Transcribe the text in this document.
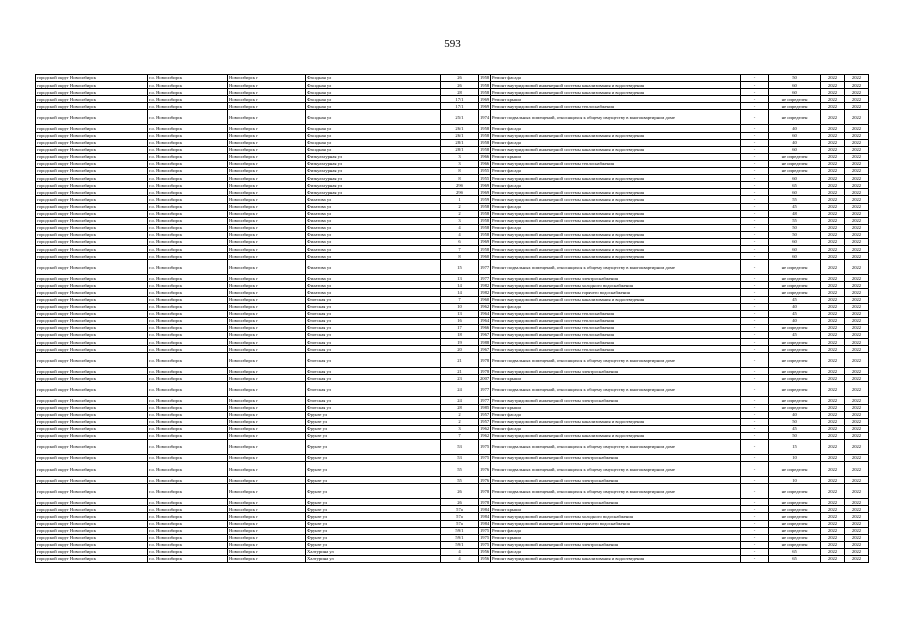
593
городской округ Новосибирск	г.о. Новосибирск	Новосибирск г	Фасадная ул	26	1958	Ремонт фасада	-	50	2022	2022
городской округ Новосибирск	г.о. Новосибирск	Новосибирск г	Фасадная ул	26	1958	Ремонт внутридомовой инженерной системы канализования и водоотведения	-	60	2022	2022
городской округ Новосибирск	г.о. Новосибирск	Новосибирск г	Фасадная ул	28	1958	Ремонт внутридомовой инженерной системы канализования и водоотведения	-	60	2022	2022
городской округ Новосибирск	г.о. Новосибирск	Новосибирск г	Фасадная ул	17/1	1969	Ремонт крыши	-	не определен	2022	2022
городской округ Новосибирск	г.о. Новосибирск	Новосибирск г	Фасадная ул	17/1	1969	Ремонт внутридомовой инженерной системы теплоснабжения	-	не определен	2022	2022
городской округ Новосибирск	г.о. Новосибирск	Новосибирск г	Фасадная ул	25/1	1974	Ремонт подвальных помещений, относящихся к общему имуществу в многоквартирном доме	-	не определен	2022	2022
городской округ Новосибирск	г.о. Новосибирск	Новосибирск г	Фасадная ул	26/1	1958	Ремонт фасада	-	40	2022	2022
городской округ Новосибирск	г.о. Новосибирск	Новосибирск г	Фасадная ул	26/1	1958	Ремонт внутридомовой инженерной системы канализования и водоотведения	-	60	2022	2022
городской округ Новосибирск	г.о. Новосибирск	Новосибирск г	Фасадная ул	28/1	1958	Ремонт фасада	-	40	2022	2022
городской округ Новосибирск	г.о. Новосибирск	Новосибирск г	Фасадная ул	28/1	1958	Ремонт внутридомовой инженерной системы канализования и водоотведения	-	60	2022	2022
городской округ Новосибирск	г.о. Новосибирск	Новосибирск г	Физкультурная ул	3	1966	Ремонт крыши	-	не определен	2022	2022
городской округ Новосибирск	г.о. Новосибирск	Новосибирск г	Физкультурная ул	3	1966	Ремонт внутридомовой инженерной системы теплоснабжения	-	не определен	2022	2022
городской округ Новосибирск	г.о. Новосибирск	Новосибирск г	Физкультурная ул	8	1955	Ремонт фасада	-	не определен	2022	2022
городской округ Новосибирск	г.о. Новосибирск	Новосибирск г	Физкультурная ул	8	1955	Ремонт внутридомовой инженерной системы канализования и водоотведения	-	60	2022	2022
городской округ Новосибирск	г.о. Новосибирск	Новосибирск г	Физкультурная ул	29б	1969	Ремонт фасада	-	65	2022	2022
городской округ Новосибирск	г.о. Новосибирск	Новосибирск г	Физкультурная ул	29б	1969	Ремонт внутридомовой инженерной системы канализования и водоотведения	-	60	2022	2022
городской округ Новосибирск	г.о. Новосибирск	Новосибирск г	Филатова ул	1	1959	Ремонт внутридомовой инженерной системы канализования и водоотведения	-	55	2022	2022
городской округ Новосибирск	г.о. Новосибирск	Новосибирск г	Филатова ул	2	1958	Ремонт фасада	-	45	2022	2022
городской округ Новосибирск	г.о. Новосибирск	Новосибирск г	Филатова ул	2	1958	Ремонт внутридомовой инженерной системы канализования и водоотведения	-	48	2022	2022
городской округ Новосибирск	г.о. Новосибирск	Новосибирск г	Филатова ул	3	1958	Ремонт внутридомовой инженерной системы канализования и водоотведения	-	55	2022	2022
городской округ Новосибирск	г.о. Новосибирск	Новосибирск г	Филатова ул	4	1958	Ремонт фасада	-	50	2022	2022
городской округ Новосибирск	г.о. Новосибирск	Новосибирск г	Филатова ул	4	1958	Ремонт внутридомовой инженерной системы канализования и водоотведения	-	50	2022	2022
городской округ Новосибирск	г.о. Новосибирск	Новосибирск г	Филатова ул	6	1969	Ремонт внутридомовой инженерной системы канализования и водоотведения	-	60	2022	2022
городской округ Новосибирск	г.о. Новосибирск	Новосибирск г	Филатова ул	7	1958	Ремонт внутридомовой инженерной системы канализования и водоотведения	-	60	2022	2022
городской округ Новосибирск	г.о. Новосибирск	Новосибирск г	Филатова ул	8	1960	Ремонт внутридомовой инженерной системы канализования и водоотведения	-	60	2022	2022
городской округ Новосибирск	г.о. Новосибирск	Новосибирск г	Филатова ул	15	1977	Ремонт подвальных помещений, относящихся к общему имуществу в многоквартирном доме	-	не определен	2022	2022
городской округ Новосибирск	г.о. Новосибирск	Новосибирск г	Филатова ул	13	1977	Ремонт внутридомовой инженерной системы электроснабжения	-	не определен	2022	2022
городской округ Новосибирск	г.о. Новосибирск	Новосибирск г	Филатова ул	14	1982	Ремонт внутридомовой инженерной системы холодного водоснабжения	-	не определен	2022	2022
городской округ Новосибирск	г.о. Новосибирск	Новосибирск г	Филатова ул	14	1982	Ремонт внутридомовой инженерной системы горячего водоснабжения	-	не определен	2022	2022
городской округ Новосибирск	г.о. Новосибирск	Новосибирск г	Флотская ул	7	1960	Ремонт внутридомовой инженерной системы канализования и водоотведения	-	45	2022	2022
городской округ Новосибирск	г.о. Новосибирск	Новосибирск г	Флотская ул	10	1962	Ремонт фасада	-	40	2022	2022
городской округ Новосибирск	г.о. Новосибирск	Новосибирск г	Флотская ул	13	1964	Ремонт внутридомовой инженерной системы теплоснабжения	-	45	2022	2022
городской округ Новосибирск	г.о. Новосибирск	Новосибирск г	Флотская ул	16	1964	Ремонт внутридомовой инженерной системы теплоснабжения	-	40	2022	2022
городской округ Новосибирск	г.о. Новосибирск	Новосибирск г	Флотская ул	17	1966	Ремонт внутридомовой инженерной системы теплоснабжения	-	не определен	2022	2022
городской округ Новосибирск	г.о. Новосибирск	Новосибирск г	Флотская ул	18	1967	Ремонт внутридомовой инженерной системы теплоснабжения	-	45	2022	2022
городской округ Новосибирск	г.о. Новосибирск	Новосибирск г	Флотская ул	19	1988	Ремонт внутридомовой инженерной системы теплоснабжения	-	не определен	2022	2022
городской округ Новосибирск	г.о. Новосибирск	Новосибирск г	Флотская ул	20	1967	Ремонт внутридомовой инженерной системы теплоснабжения	-	не определен	2022	2022
городской округ Новосибирск	г.о. Новосибирск	Новосибирск г	Флотская ул	21	1978	Ремонт подвальных помещений, относящихся к общему имуществу в многоквартирном доме	-	не определен	2022	2022
городской округ Новосибирск	г.о. Новосибирск	Новосибирск г	Флотская ул	21	1978	Ремонт внутридомовой инженерной системы электроснабжения	-	не определен	2022	2022
городской округ Новосибирск	г.о. Новосибирск	Новосибирск г	Флотская ул	23	2007	Ремонт крыши	-	не определен	2022	2022
городской округ Новосибирск	г.о. Новосибирск	Новосибирск г	Флотская ул	24	1977	Ремонт подвальных помещений, относящихся к общему имуществу в многоквартирном доме	-	не определен	2022	2022
городской округ Новосибирск	г.о. Новосибирск	Новосибирск г	Флотская ул	24	1977	Ремонт внутридомовой инженерной системы электроснабжения	-	не определен	2022	2022
городской округ Новосибирск	г.о. Новосибирск	Новосибирск г	Флотская ул	28	1985	Ремонт крыши	-	не определен	2022	2022
городской округ Новосибирск	г.о. Новосибирск	Новосибирск г	Фрунзе ул	2	1957	Ремонт фасада	-	40	2022	2022
городской округ Новосибирск	г.о. Новосибирск	Новосибирск г	Фрунзе ул	2	1957	Ремонт внутридомовой инженерной системы канализования и водоотведения	-	50	2022	2022
городской округ Новосибирск	г.о. Новосибирск	Новосибирск г	Фрунзе ул	3	1962	Ремонт фасада	-	45	2022	2022
городской округ Новосибирск	г.о. Новосибирск	Новосибирск г	Фрунзе ул	7	1962	Ремонт внутридомовой инженерной системы канализования и водоотведения	-	50	2022	2022
городской округ Новосибирск	г.о. Новосибирск	Новосибирск г	Фрунзе ул	53	1975	Ремонт подвальных помещений, относящихся к общему имуществу в многоквартирном доме	-	15	2022	2022
городской округ Новосибирск	г.о. Новосибирск	Новосибирск г	Фрунзе ул	53	1975	Ремонт внутридомовой инженерной системы электроснабжения	-	10	2022	2022
городской округ Новосибирск	г.о. Новосибирск	Новосибирск г	Фрунзе ул	55	1976	Ремонт подвальных помещений, относящихся к общему имуществу в многоквартирном доме	-	не определен	2022	2022
городской округ Новосибирск	г.о. Новосибирск	Новосибирск г	Фрунзе ул	55	1976	Ремонт внутридомовой инженерной системы электроснабжения	-	10	2022	2022
городской округ Новосибирск	г.о. Новосибирск	Новосибирск г	Фрунзе ул	26	1978	Ремонт подвальных помещений, относящихся к общему имуществу в многоквартирном доме	-	не определен	2022	2022
городской округ Новосибирск	г.о. Новосибирск	Новосибирск г	Фрунзе ул	26	1978	Ремонт внутридомовой инженерной системы электроснабжения	-	не определен	2022	2022
городской округ Новосибирск	г.о. Новосибирск	Новосибирск г	Фрунзе ул	57а	1984	Ремонт крыши	-	не определен	2022	2022
городской округ Новосибирск	г.о. Новосибирск	Новосибирск г	Фрунзе ул	57а	1984	Ремонт внутридомовой инженерной системы холодного водоснабжения	-	не определен	2022	2022
городской округ Новосибирск	г.о. Новосибирск	Новосибирск г	Фрунзе ул	57а	1984	Ремонт внутридомовой инженерной системы горячего водоснабжения	-	не определен	2022	2022
городской округ Новосибирск	г.о. Новосибирск	Новосибирск г	Фрунзе ул	59/1	1975	Ремонт фасада	-	не определен	2022	2022
городской округ Новосибирск	г.о. Новосибирск	Новосибирск г	Фрунзе ул	59/1	1975	Ремонт крыши	-	не определен	2022	2022
городской округ Новосибирск	г.о. Новосибирск	Новосибирск г	Фрунзе ул	59/1	1975	Ремонт внутридомовой инженерной системы электроснабжения	-	не определен	2022	2022
городской округ Новосибирск	г.о. Новосибирск	Новосибирск г	Халтурина ул	4	1956	Ремонт фасада	-	65	2022	2022
городской округ Новосибирск	г.о. Новосибирск	Новосибирск г	Халтурина ул	4	1956	Ремонт внутридомовой инженерной системы канализования и водоотведения	-	65	2022	2022
